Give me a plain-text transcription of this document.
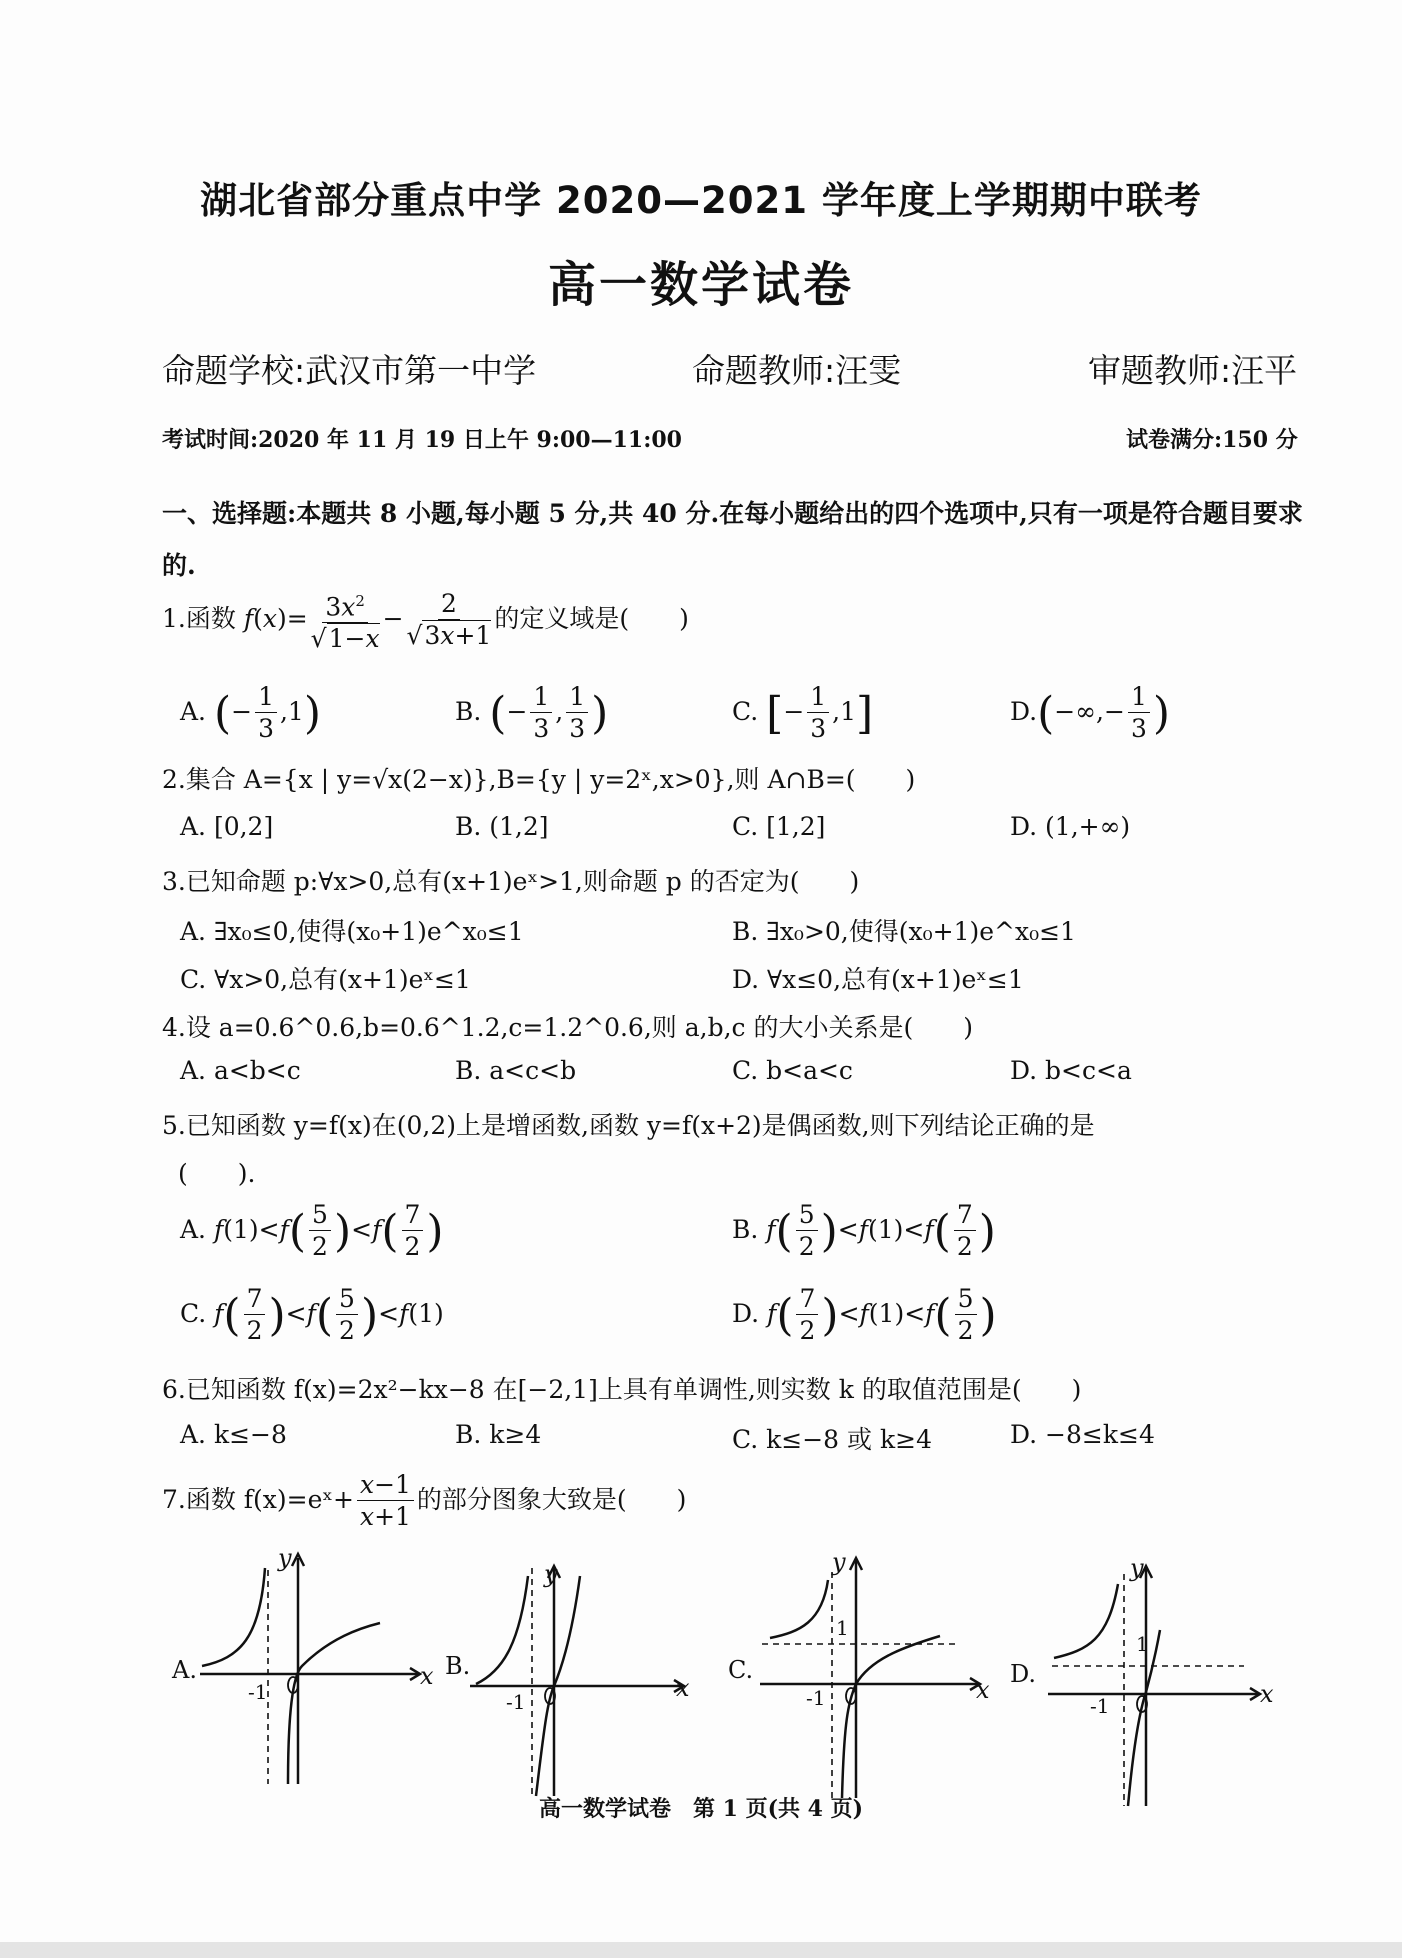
湖北省部分重点中学 2020—2021 学年度上学期期中联考
高一数学试卷
命题学校:武汉市第一中学	命题教师:汪雯	审题教师:汪平
考试时间:2020 年 11 月 19 日上午 9:00—11:00	试卷满分:150 分
一、选择题:本题共 8 小题,每小题 5 分,共 40 分.在每小题给出的四个选项中,只有一项是符合题目要求的.
1.函数 $f(x)= \frac{3x^2}{√1-x} - \frac{2}{√3x+1}$ 的定义域是(　　)
A. (− $\frac{1}{3} ,1$)	B. (− $\frac{1}{3}$ , $\frac{1}{3}$ )	C. [− $\frac{1}{3} ,1$]	$D.(-\infty,- \frac{1}{3}$ )
2.集合 A={x | y=√x(2−x)},B={y | y=2ˣ,x>0},则 A∩B=(　　)
A. [0,2]	B. (1,2]	C. [1,2]	D. (1,+∞)
3.已知命题 p:∀x>0,总有(x+1)eˣ>1,则命题 p 的否定为(　　)
A. ∃x₀≤0,使得(x₀+1)e^x₀≤1	B. ∃x₀>0,使得(x₀+1)e^x₀≤1
C. ∀x>0,总有(x+1)eˣ≤1	D. ∀x≤0,总有(x+1)eˣ≤1
4.设 a=0.6^0.6,b=0.6^1.2,c=1.2^0.6,则 a,b,c 的大小关系是(　　)
A. a<b<c	B. a<c<b	C. b<a<c	D. b<c<a
5.已知函数 y=f(x)在(0,2)上是增函数,函数 y=f(x+2)是偶函数,则下列结论正确的是
(　　).
A. $f(1)<f( \frac{5}{2} )<f( \frac{7}{2}$ )	B. $f( \frac{5}{2} )<f(1)<f( \frac{7}{2}$ )
C. $f( \frac{7}{2} )<f( \frac{5}{2} )<f(1)$	D. $f( \frac{7}{2} )<f(1)<f( \frac{5}{2}$ )
6.已知函数 f(x)=2x²−kx−8 在[−2,1]上具有单调性,则实数 k 的取值范围是(　　)
A. k≤−8	B. k≥4	C. k≤−8 或 k≥4	D. −8≤k≤4
7.函数 f(x)=eˣ+ $\frac{x-1}{x+1}$ 的部分图象大致是(　　)
A.	x
y
-1
B.
x
y
-1
C.
x
y
1
-1
D.
x
y
1
-1
高一数学试卷　第 1 页(共 4 页)
